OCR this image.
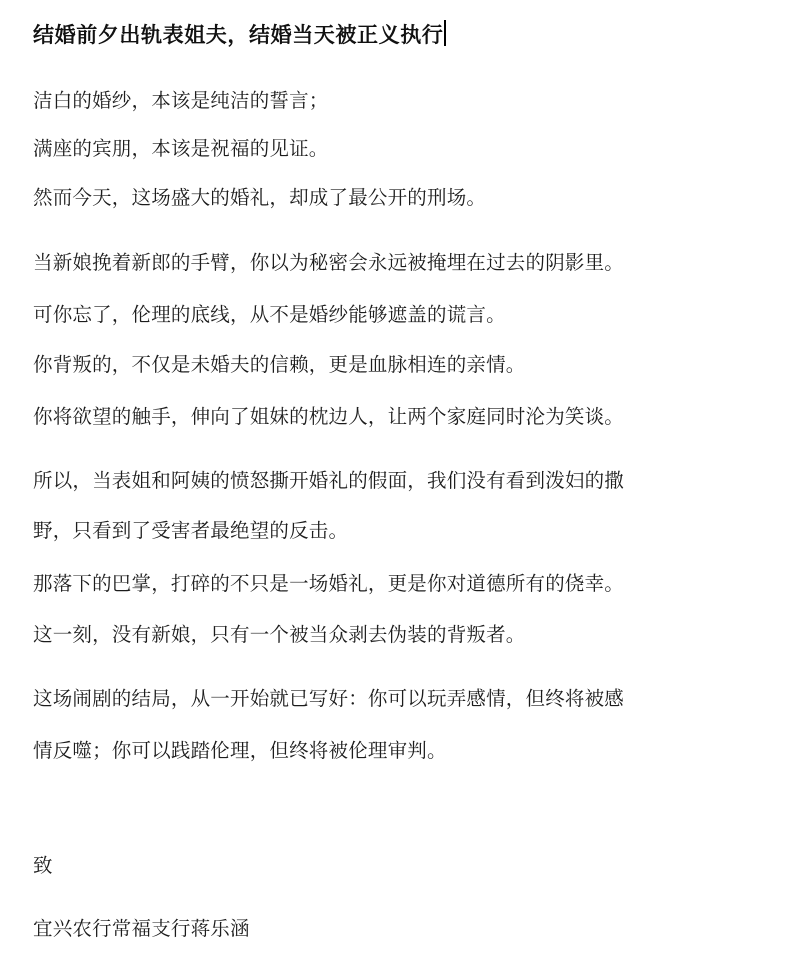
结婚前夕出轨表姐夫，结婚当天被正义执行

洁白的婚纱，本该是纯洁的誓言；

满座的宾朋，本该是祝福的见证。

然而今天，这场盛大的婚礼，却成了最公开的刑场。

当新娘挽着新郎的手臂，你以为秘密会永远被掩埋在过去的阴影里。

可你忘了，伦理的底线，从不是婚纱能够遮盖的谎言。

你背叛的，不仅是未婚夫的信赖，更是血脉相连的亲情。

你将欲望的触手，伸向了姐妹的枕边人，让两个家庭同时沦为笑谈。

所以，当表姐和阿姨的愤怒撕开婚礼的假面，我们没有看到泼妇的撒

野，只看到了受害者最绝望的反击。

那落下的巴掌，打碎的不只是一场婚礼，更是你对道德所有的侥幸。

这一刻，没有新娘，只有一个被当众剥去伪装的背叛者。

这场闹剧的结局，从一开始就已写好：你可以玩弄感情，但终将被感

情反噬；你可以践踏伦理，但终将被伦理审判。

致

宜兴农行常福支行蒋乐涵
